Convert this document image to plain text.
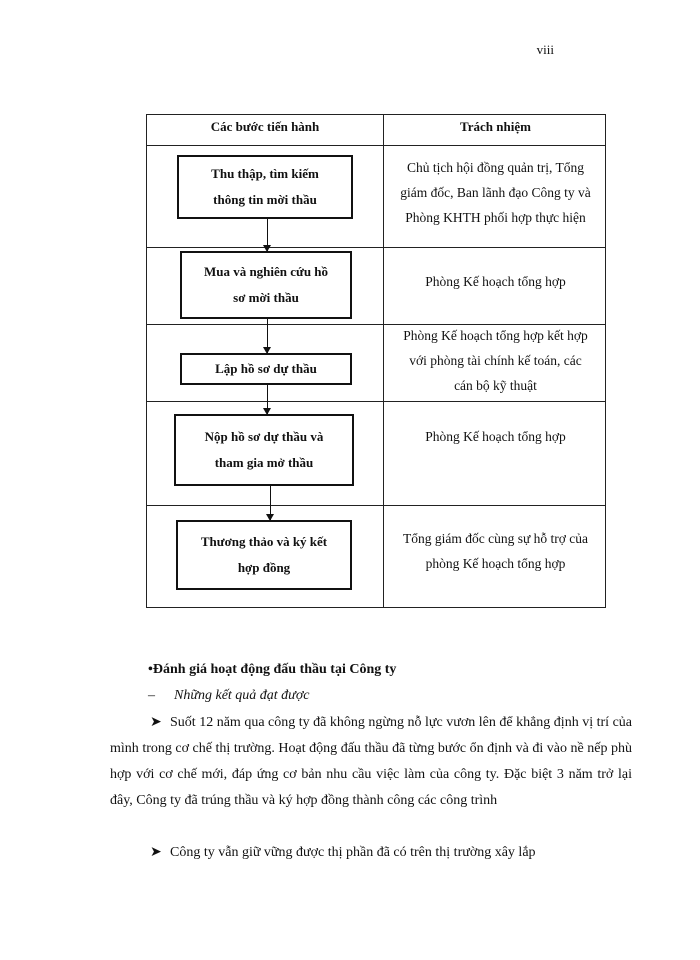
viii
Các bước tiến hành	Trách nhiệm
Thu thập, tìm kiếm
thông tin mời thầu
Mua và nghiên cứu hồ
sơ mời thầu
Lập hồ sơ dự thầu
Nộp hồ sơ dự thầu và
tham gia mở thầu
Thương thảo và ký kết
hợp đồng
Chủ tịch hội đồng quản trị, Tổng
giám đốc, Ban lãnh đạo Công ty và
Phòng KHTH phối hợp thực hiện
Phòng Kế hoạch tổng hợp
Phòng Kế hoạch tổng hợp kết hợp
với phòng tài chính kế toán, các
cán bộ kỹ thuật
Phòng Kế hoạch tổng hợp
Tổng giám đốc cùng sự hỗ trợ của
phòng Kế hoạch tổng hợp
•Đánh giá hoạt động đấu thầu tại Công ty
– Những kết quả đạt được
➤ Suốt 12 năm qua công ty đã không ngừng nỗ lực vươn lên để khẳng định vị trí của mình trong cơ chế thị trường. Hoạt động đấu thầu đã từng bước ổn định và đi vào nề nếp phù hợp với cơ chế mới, đáp ứng cơ bản nhu cầu việc làm của công ty. Đặc biệt 3 năm trở lại đây, Công ty đã trúng thầu và ký hợp đồng thành công các công trình
➤ Công ty vẫn giữ vững được thị phần đã có trên thị trường xây lắp
